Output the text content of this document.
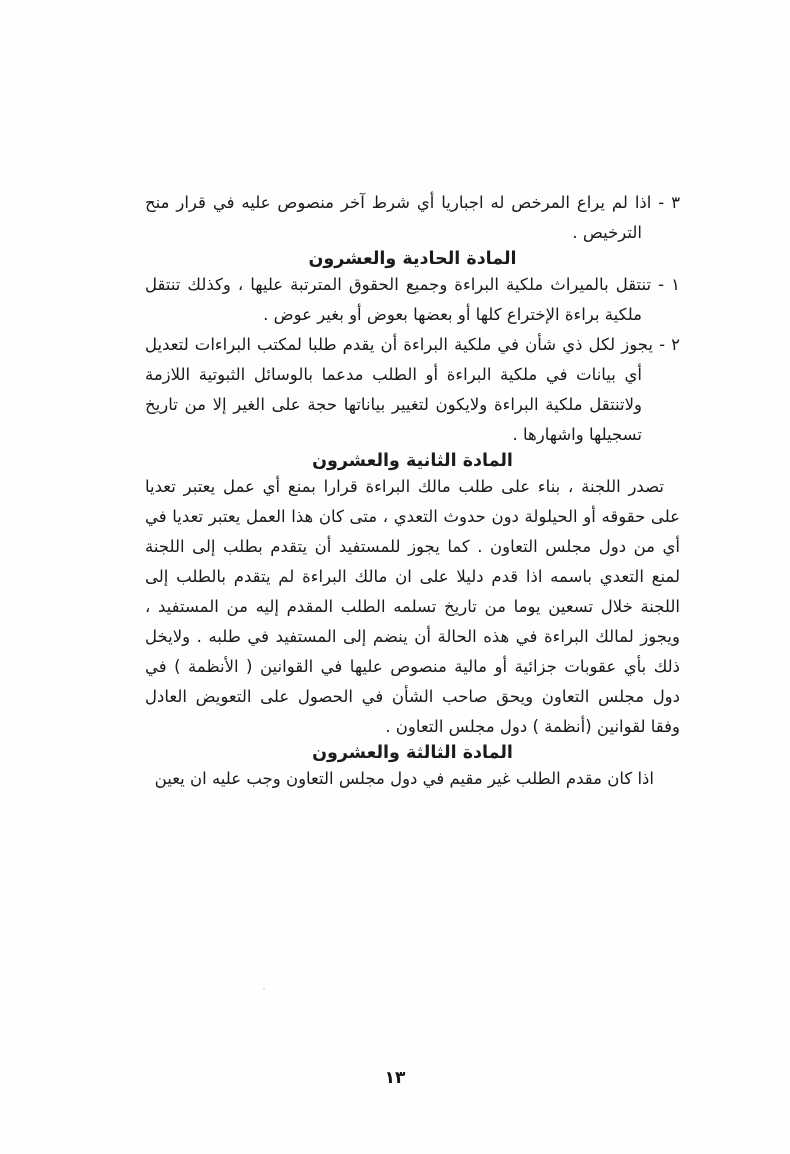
٣ - اذا لم يراع المرخص له اجباريا أي شرط آخر منصوص عليه في قرار منح الترخيص .

المادة الحادية والعشرون

١ - تنتقل بالميراث ملكية البراءة وجميع الحقوق المترتبة عليها ، وكذلك تنتقل ملكية براءة الإختراع كلها أو بعضها بعوض أو بغير عوض .

٢ - يجوز لكل ذي شأن في ملكية البراءة أن يقدم طلبا لمكتب البراءات لتعديل أي بيانات في ملكية البراءة أو الطلب مدعما بالوسائل الثبوتية اللازمة ولاتنتقل ملكية البراءة ولايكون لتغيير بياناتها حجة على الغير إلا من تاريخ تسجيلها واشهارها .

المادة الثانية والعشرون

تصدر اللجنة ، بناء على طلب مالك البراءة قرارا بمنع أي عمل يعتبر تعديا على حقوقه أو الحيلولة دون حدوث التعدي ، متى كان هذا العمل يعتبر تعديا في أي من دول مجلس التعاون . كما يجوز للمستفيد أن يتقدم بطلب إلى اللجنة لمنع التعدي باسمه اذا قدم دليلا على ان مالك البراءة لم يتقدم بالطلب إلى اللجنة خلال تسعين يوما من تاريخ تسلمه الطلب المقدم إليه من المستفيد ، ويجوز لمالك البراءة في هذه الحالة أن ينضم إلى المستفيد في طلبه . ولايخل ذلك بأي عقوبات جزائية أو مالية منصوص عليها في القوانين ( الأنظمة ) في دول مجلس التعاون ويحق صاحب الشأن في الحصول على التعويض العادل وفقا لقوانين (أنظمة ) دول مجلس التعاون .

المادة الثالثة والعشرون

اذا كان مقدم الطلب غير مقيم في دول مجلس التعاون وجب عليه ان يعين

١٣
